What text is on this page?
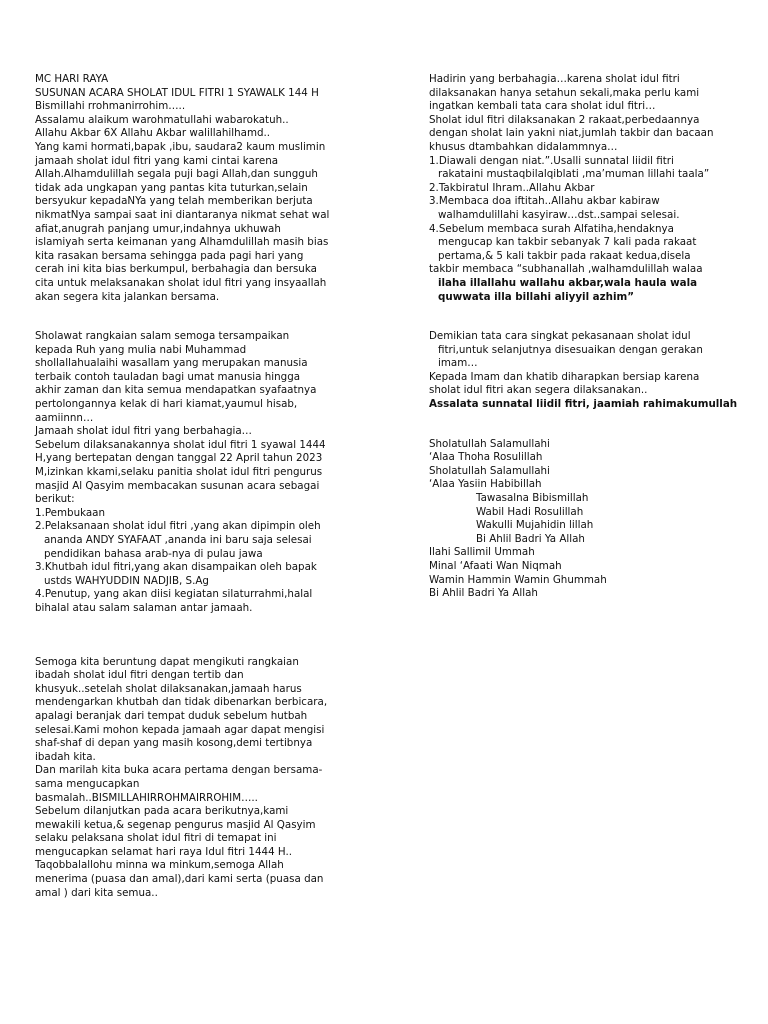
MC HARI RAYA
SUSUNAN ACARA SHOLAT IDUL FITRI 1 SYAWALK 144 H
Bismillahi rrohmanirrohim…..
Assalamu alaikum warohmatullahi wabarokatuh..
Allahu Akbar 6X Allahu Akbar walillahilhamd..
Yang kami hormati,bapak ,ibu, saudara2 kaum muslimin
jamaah sholat idul fitri yang kami cintai karena
Allah.Alhamdulillah segala puji bagi Allah,dan sungguh
tidak ada ungkapan yang pantas kita tuturkan,selain
bersyukur kepadaNYa yang telah memberikan berjuta
nikmatNya sampai saat ini diantaranya nikmat sehat wal
afiat,anugrah panjang umur,indahnya ukhuwah
islamiyah serta keimanan yang Alhamdulillah masih bias
kita rasakan bersama sehingga pada pagi hari yang
cerah ini kita bias berkumpul, berbahagia dan bersuka
cita untuk melaksanakan sholat idul fitri yang insyaallah
akan segera kita jalankan bersama.
Sholawat rangkaian salam semoga tersampaikan
kepada Ruh yang mulia nabi Muhammad
shollallahualaihi wasallam yang merupakan manusia
terbaik contoh tauladan bagi umat manusia hingga
akhir zaman dan kita semua mendapatkan syafaatnya
pertolongannya kelak di hari kiamat,yaumul hisab,
aamiinnn…
Jamaah sholat idul fitri yang berbahagia…
Sebelum dilaksanakannya sholat idul fitri 1 syawal 1444
H,yang bertepatan dengan tanggal 22 April tahun 2023
M,izinkan kkami,selaku panitia sholat idul fitri pengurus
masjid Al Qasyim membacakan susunan acara sebagai
berikut:
1.Pembukaan
2.Pelaksanaan sholat idul fitri ,yang akan dipimpin oleh
ananda ANDY SYAFAAT ,ananda ini baru saja selesai
pendidikan bahasa arab-nya di pulau jawa
3.Khutbah idul fitri,yang akan disampaikan oleh bapak
ustds WAHYUDDIN NADJIB, S.Ag
4.Penutup, yang akan diisi kegiatan silaturrahmi,halal
bihalal atau salam salaman antar jamaah.
Semoga kita beruntung dapat mengikuti rangkaian
ibadah sholat idul fitri dengan tertib dan
khusyuk..setelah sholat dilaksanakan,jamaah harus
mendengarkan khutbah dan tidak dibenarkan berbicara,
apalagi beranjak dari tempat duduk sebelum hutbah
selesai.Kami mohon kepada jamaah agar dapat mengisi
shaf-shaf di depan yang masih kosong,demi tertibnya
ibadah kita.
Dan marilah kita buka acara pertama dengan bersama-
sama mengucapkan
basmalah..BISMILLAHIRROHMAIRROHIM…..
Sebelum dilanjutkan pada acara berikutnya,kami
mewakili ketua,& segenap pengurus masjid Al Qasyim
selaku pelaksana sholat idul fitri di temapat ini
mengucapkan selamat hari raya Idul fitri 1444 H..
Taqobbalallohu minna wa minkum,semoga Allah
menerima (puasa dan amal),dari kami serta (puasa dan
amal ) dari kita semua..
Hadirin yang berbahagia…karena sholat idul fitri
dilaksanakan hanya setahun sekali,maka perlu kami
ingatkan kembali tata cara sholat idul fitri…
Sholat idul fitri dilaksanakan 2 rakaat,perbedaannya
dengan sholat lain yakni niat,jumlah takbir dan bacaan
khusus dtambahkan didalammnya…
1.Diawali dengan niat.”.Usalli sunnatal liidil fitri
rakataini mustaqbilalqiblati ,ma’muman lillahi taala”
2.Takbiratul Ihram..Allahu Akbar
3.Membaca doa iftitah..Allahu akbar kabiraw
walhamdulillahi kasyiraw…dst..sampai selesai.
4.Sebelum membaca surah Alfatiha,hendaknya
mengucap kan takbir sebanyak 7 kali pada rakaat
pertama,& 5 kali takbir pada rakaat kedua,disela
takbir membaca “subhanallah ,walhamdulillah walaa
ilaha illallahu wallahu akbar,wala haula wala
quwwata illa billahi aliyyil azhim”
Demikian tata cara singkat pekasanaan sholat idul
fitri,untuk selanjutnya disesuaikan dengan gerakan
imam…
Kepada Imam dan khatib diharapkan bersiap karena
sholat idul fitri akan segera dilaksanakan..
Assalata sunnatal liidil fitri, jaamiah rahimakumullah
Sholatullah Salamullahi
‘Alaa Thoha Rosulillah
Sholatullah Salamullahi
‘Alaa Yasiin Habibillah
Tawasalna Bibismillah
Wabil Hadi Rosulillah
Wakulli Mujahidin lillah
Bi Ahlil Badri Ya Allah
Ilahi Sallimil Ummah
Minal ‘Afaati Wan Niqmah
Wamin Hammin Wamin Ghummah
Bi Ahlil Badri Ya Allah
